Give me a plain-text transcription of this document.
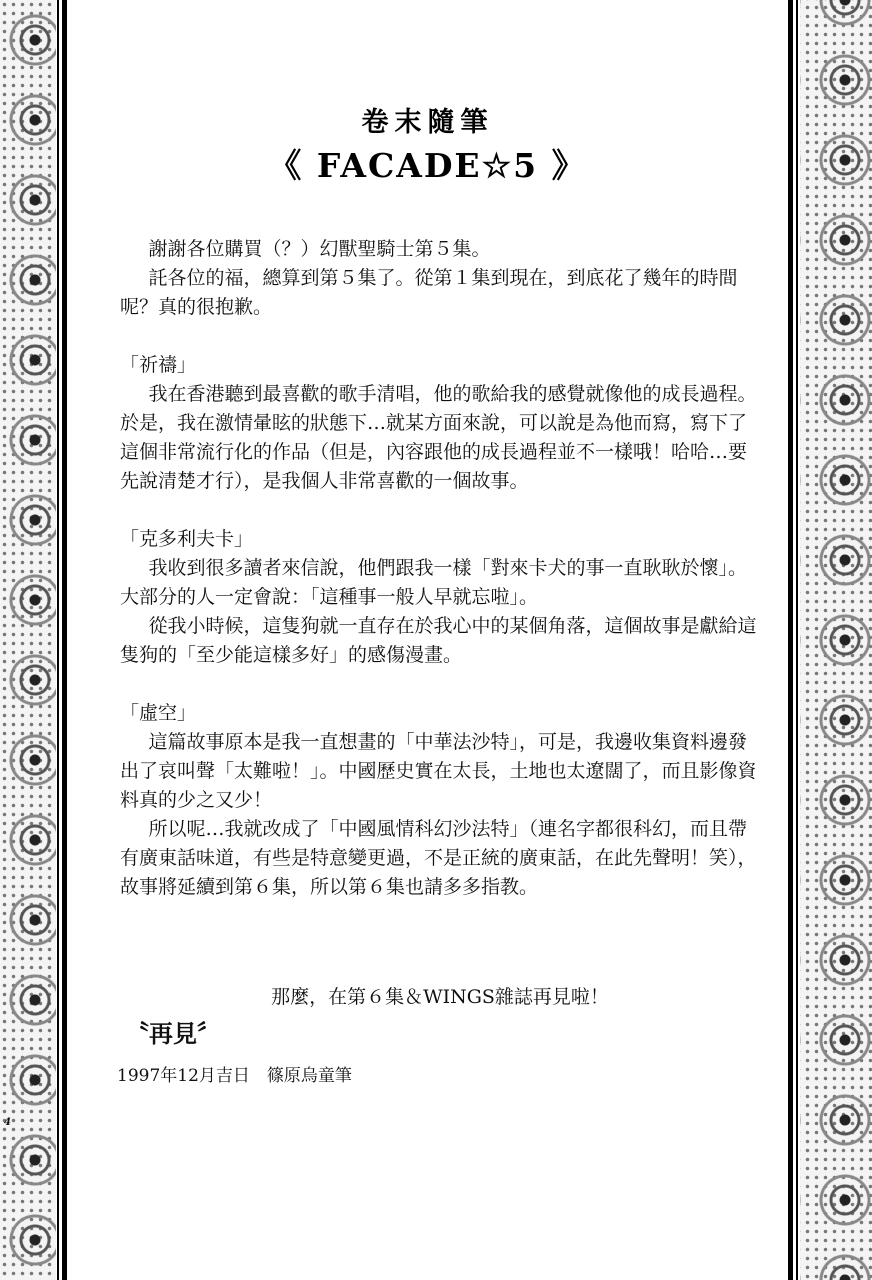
卷末隨筆
《 FACADE☆5 》

謝謝各位購買（？）幻獸聖騎士第５集。

託各位的福，總算到第５集了。從第１集到現在，到底花了幾年的時間呢？真的很抱歉。

「祈禱」

我在香港聽到最喜歡的歌手清唱，他的歌給我的感覺就像他的成長過程。於是，我在激情暈眩的狀態下…就某方面來說，可以說是為他而寫，寫下了這個非常流行化的作品（但是，內容跟他的成長過程並不一樣哦！哈哈…要先說清楚才行），是我個人非常喜歡的一個故事。

「克多利夫卡」

我收到很多讀者來信說，他們跟我一樣「對來卡犬的事一直耿耿於懷」。大部分的人一定會說：「這種事一般人早就忘啦」。

從我小時候，這隻狗就一直存在於我心中的某個角落，這個故事是獻給這隻狗的「至少能這樣多好」的感傷漫畫。

「虛空」

這篇故事原本是我一直想畫的「中華法沙特」，可是，我邊收集資料邊發出了哀叫聲「太難啦！」。中國歷史實在太長，土地也太遼闊了，而且影像資料真的少之又少！

所以呢…我就改成了「中國風情科幻沙法特」（連名字都很科幻，而且帶有廣東話味道，有些是特意變更過，不是正統的廣東話，在此先聲明！笑），故事將延續到第６集，所以第６集也請多多指教。

那麼，在第６集＆WINGS雜誌再見啦！
〝再見〞
1997年12月吉日　篠原烏童筆
4
